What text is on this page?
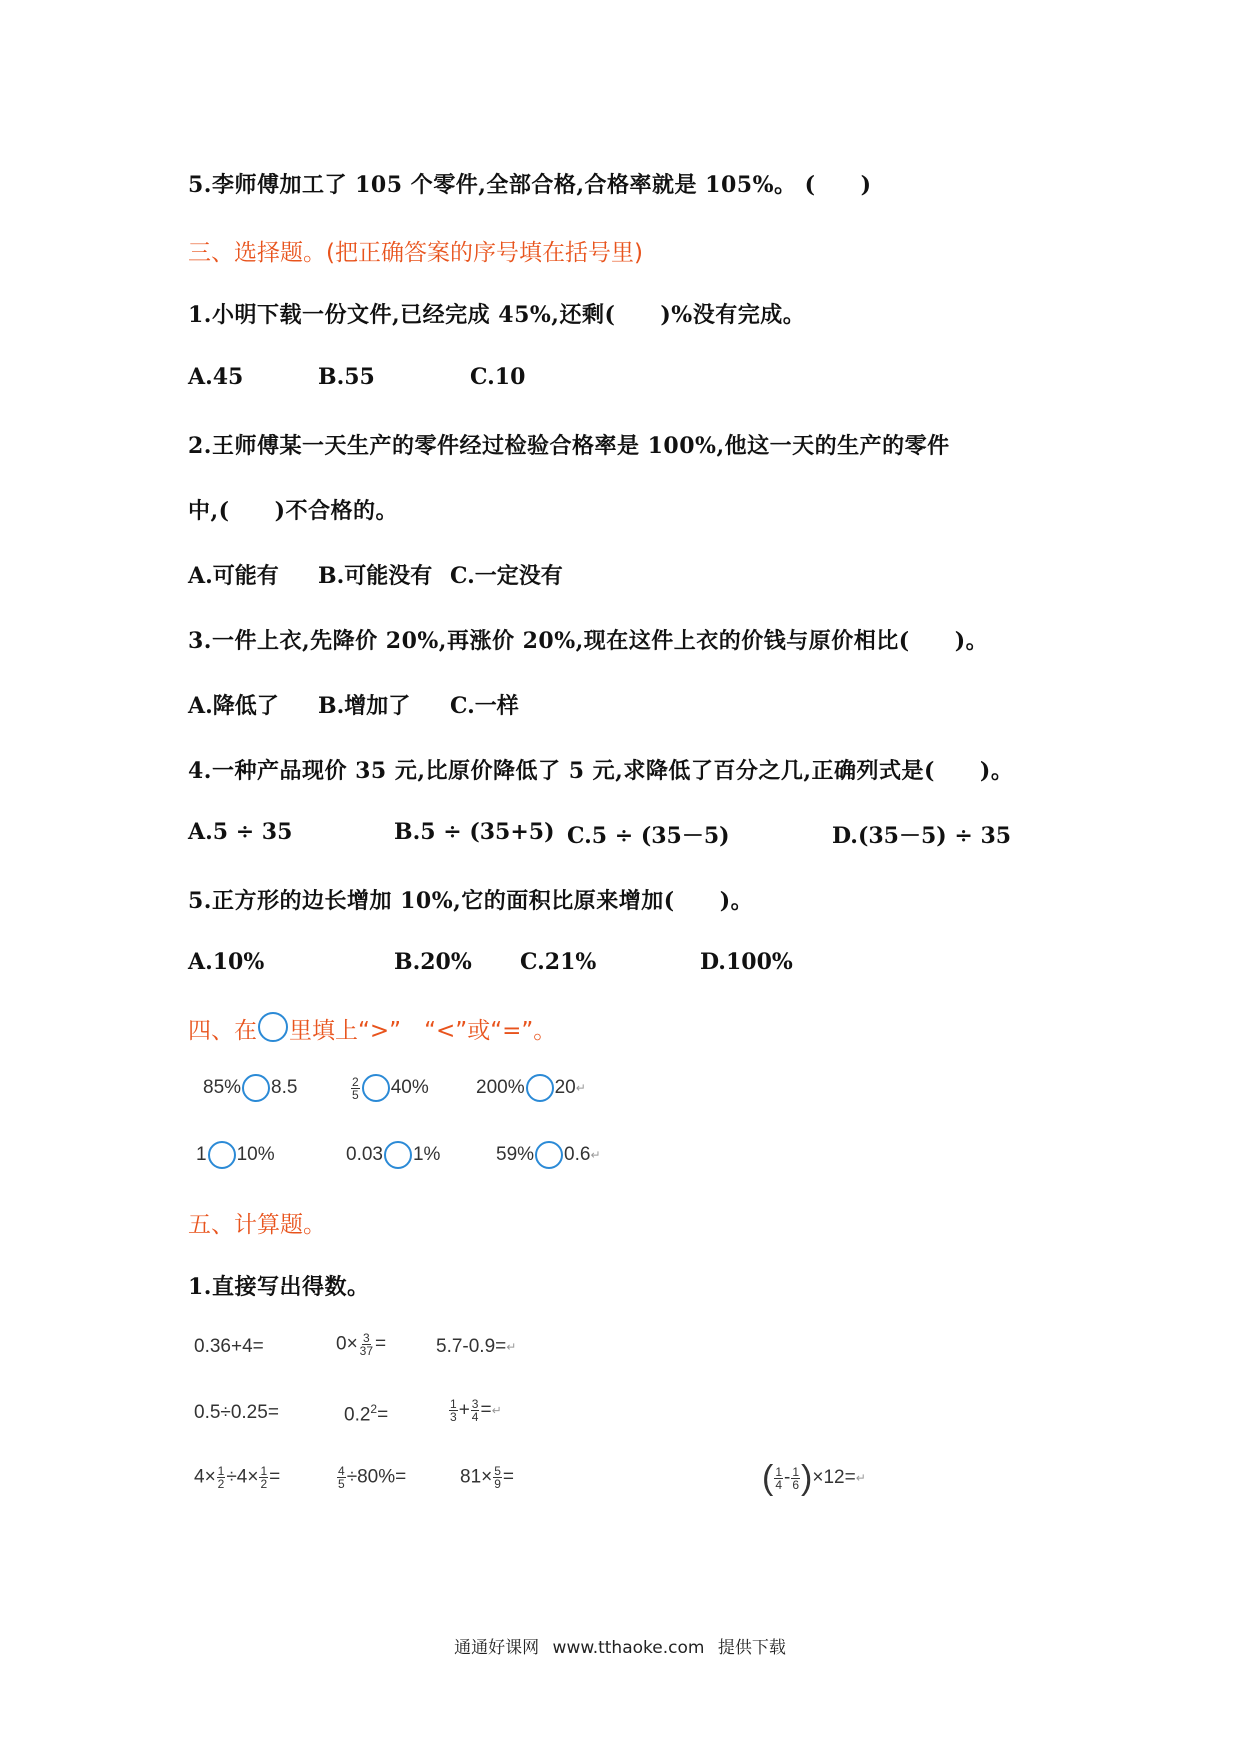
5.李师傅加工了 105 个零件,全部合格,合格率就是 105%。 (　　)
三、选择题。(把正确答案的序号填在括号里)
1.小明下载一份文件,已经完成 45%,还剩(　　)%没有完成。
A.45	B.55	C.10
2.王师傅某一天生产的零件经过检验合格率是 100%,他这一天的生产的零件
中,(　　)不合格的。
A.可能有 B.可能没有 C.一定没有
3.一件上衣,先降价 20%,再涨价 20%,现在这件上衣的价钱与原价相比(　　)。
A.降低了 B.增加了 C.一样
4.一种产品现价 35 元,比原价降低了 5 元,求降低了百分之几,正确列式是(　　)。
A.5 ÷ 35	B.5 ÷ (35+5) C.5 ÷ (35－5)	D.(35－5) ÷ 35
5.正方形的边长增加 10%,它的面积比原来增加(　　)。
A.10%	B.20% C.21%	D.100%
四、在 里填上“>”　“<”或“=”。
85% 8.5	$\frac{2}{5} 40\%$ 200% 20↵
1 10%	0.03 1%	59% 0.6↵
五、计算题。
1.直接写出得数。
0.36+4=	$0\times \frac{3}{37}$ =	5.7-0.9=↵
0.5÷0.25=	$0.2^2=$	$\frac{1}{3} + \frac{3}{4}$ =↵
$4\times \frac{1}{2} \div 4\times \frac{1}{2}$ =	$\frac{4}{5} \div 80\%=$	$81\times \frac{5}{9}$ =	( $\frac{1}{4} - \frac{1}{6}$ )×12=↵
通通好课网 www.tthaoke.com 提供下载
